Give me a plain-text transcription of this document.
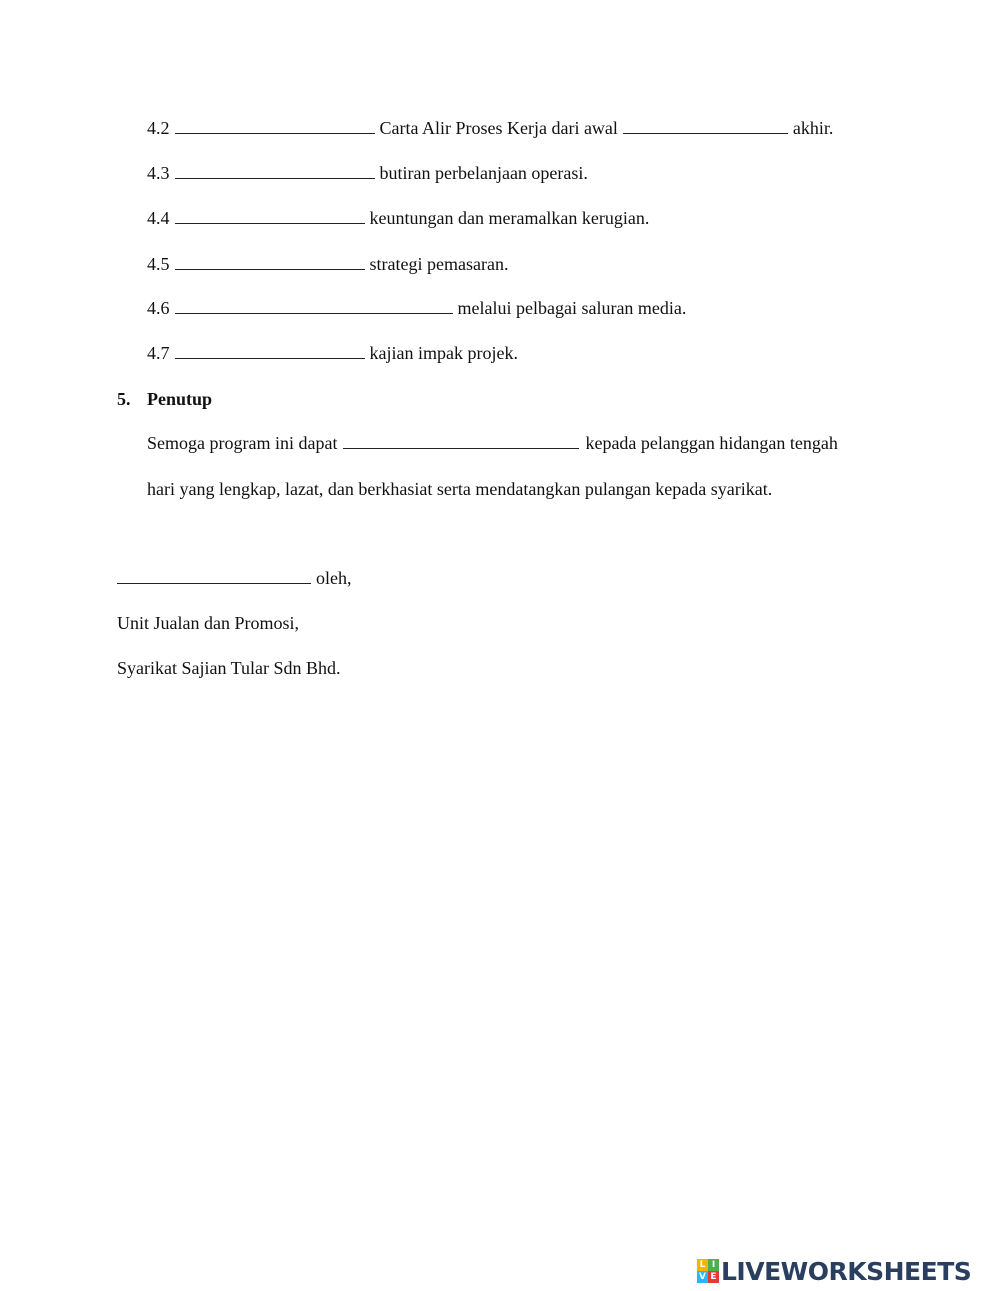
4.2	Carta Alir Proses Kerja dari awal	akhir.

4.3	butiran perbelanjaan operasi.

4.4	keuntungan dan meramalkan kerugian.

4.5	strategi pemasaran.

4.6	melalui pelbagai saluran media.

4.7	kajian impak projek.

5. Penutup

Semoga program ini dapat	kepada pelanggan hidangan tengah

hari yang lengkap, lazat, dan berkhasiat serta mendatangkan pulangan kepada syarikat.

oleh,

Unit Jualan dan Promosi,

Syarikat Sajian Tular Sdn Bhd.

L I
V E LIVEWORKSHEETS
